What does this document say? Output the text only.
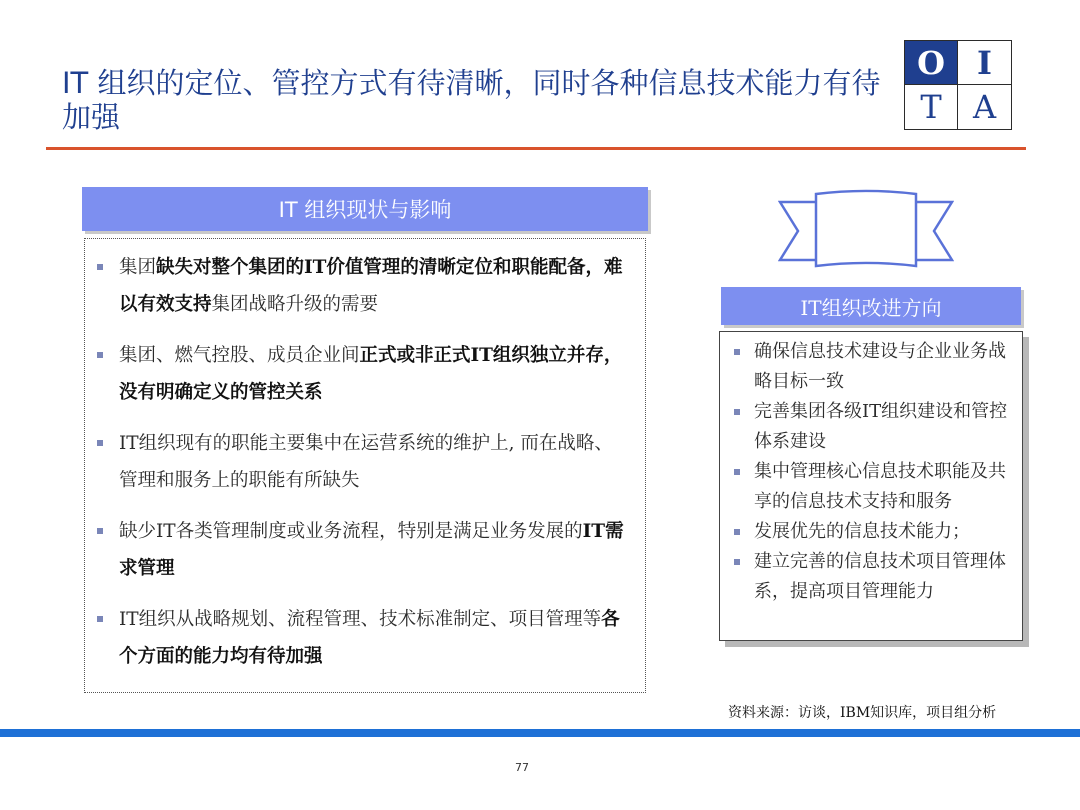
IT 组织的定位、管控方式有待清晰，同时各种信息技术能力有待加强
O	I
T A
IT 组织现状与影响
集团缺失对整个集团的IT价值管理的清晰定位和职能配备，难以有效支持集团战略升级的需要
集团、燃气控股、成员企业间正式或非正式IT组织独立并存，没有明确定义的管控关系
IT组织现有的职能主要集中在运营系统的维护上, 而在战略、管理和服务上的职能有所缺失
缺少IT各类管理制度或业务流程，特别是满足业务发展的IT需求管理
IT组织从战略规划、流程管理、技术标准制定、项目管理等各个方面的能力均有待加强
IT组织改进方向
确保信息技术建设与企业业务战略目标一致
完善集团各级IT组织建设和管控体系建设
集中管理核心信息技术职能及共享的信息技术支持和服务
发展优先的信息技术能力；
建立完善的信息技术项目管理体系，提高项目管理能力
资料来源：访谈，IBM知识库，项目组分析
77
